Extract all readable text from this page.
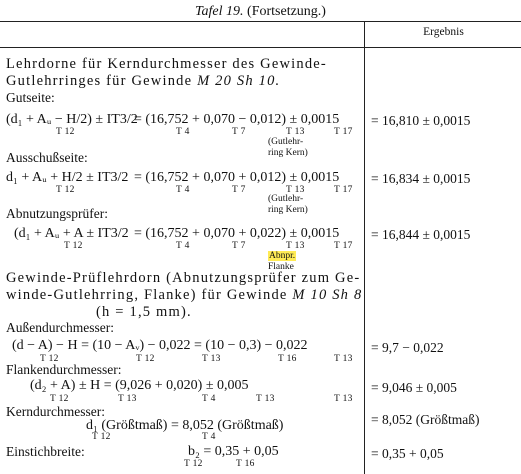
Tafel 19. (Fortsetzung.)
Ergebnis
Lehrdorne für Kerndurchmesser des Gewinde-
Gutlehrringes für Gewinde M 20 Sh 10.
Gutseite:
(d₁ + Aᵤ − H/2) ± IT3/2
= (16,752 + 0,070 − 0,012) ± 0,0015
T 12	T 4	T 7	T 13	T 17
(Gutlehr-
ring Kern)
= 16,810 ± 0,0015
Ausschußseite:
d₁ + Aᵤ + H/2 ± IT3/2 = (16,752 + 0,070 + 0,012) ± 0,0015
T 12	T 4	T 7	T 13	T 17
(Gutlehr-
ring Kern)
= 16,834 ± 0,0015
Abnutzungsprüfer:
(d₁ + Aᵤ + A ± IT3/2 = (16,752 + 0,070 + 0,022) ± 0,0015
T 12	T 4	T 7	T 13	T 17
Abnpr.
Flanke
= 16,844 ± 0,0015
Gewinde-Prüflehrdorn (Abnutzungsprüfer zum Ge-
winde-Gutlehrring, Flanke) für Gewinde M 10 Sh 8
(h = 1,5 mm).
Außendurchmesser:
(d − A) − H = (10 − Aᵥ) − 0,022 = (10 − 0,3) − 0,022
T 12	T 12	T 13	T 16	T 13
= 9,7 − 0,022
Flankendurchmesser:
(d₂ + A) ± H = (9,026 + 0,020) ± 0,005
T 12	T 13	T 4	T 13	T 13
= 9,046 ± 0,005
Kerndurchmesser:
d₁ (Größtmaß) = 8,052 (Größtmaß)
T 12	T 4
= 8,052 (Größtmaß)
Einstichbreite:	b₂ = 0,35 + 0,05
T 12	T 16
= 0,35 + 0,05
